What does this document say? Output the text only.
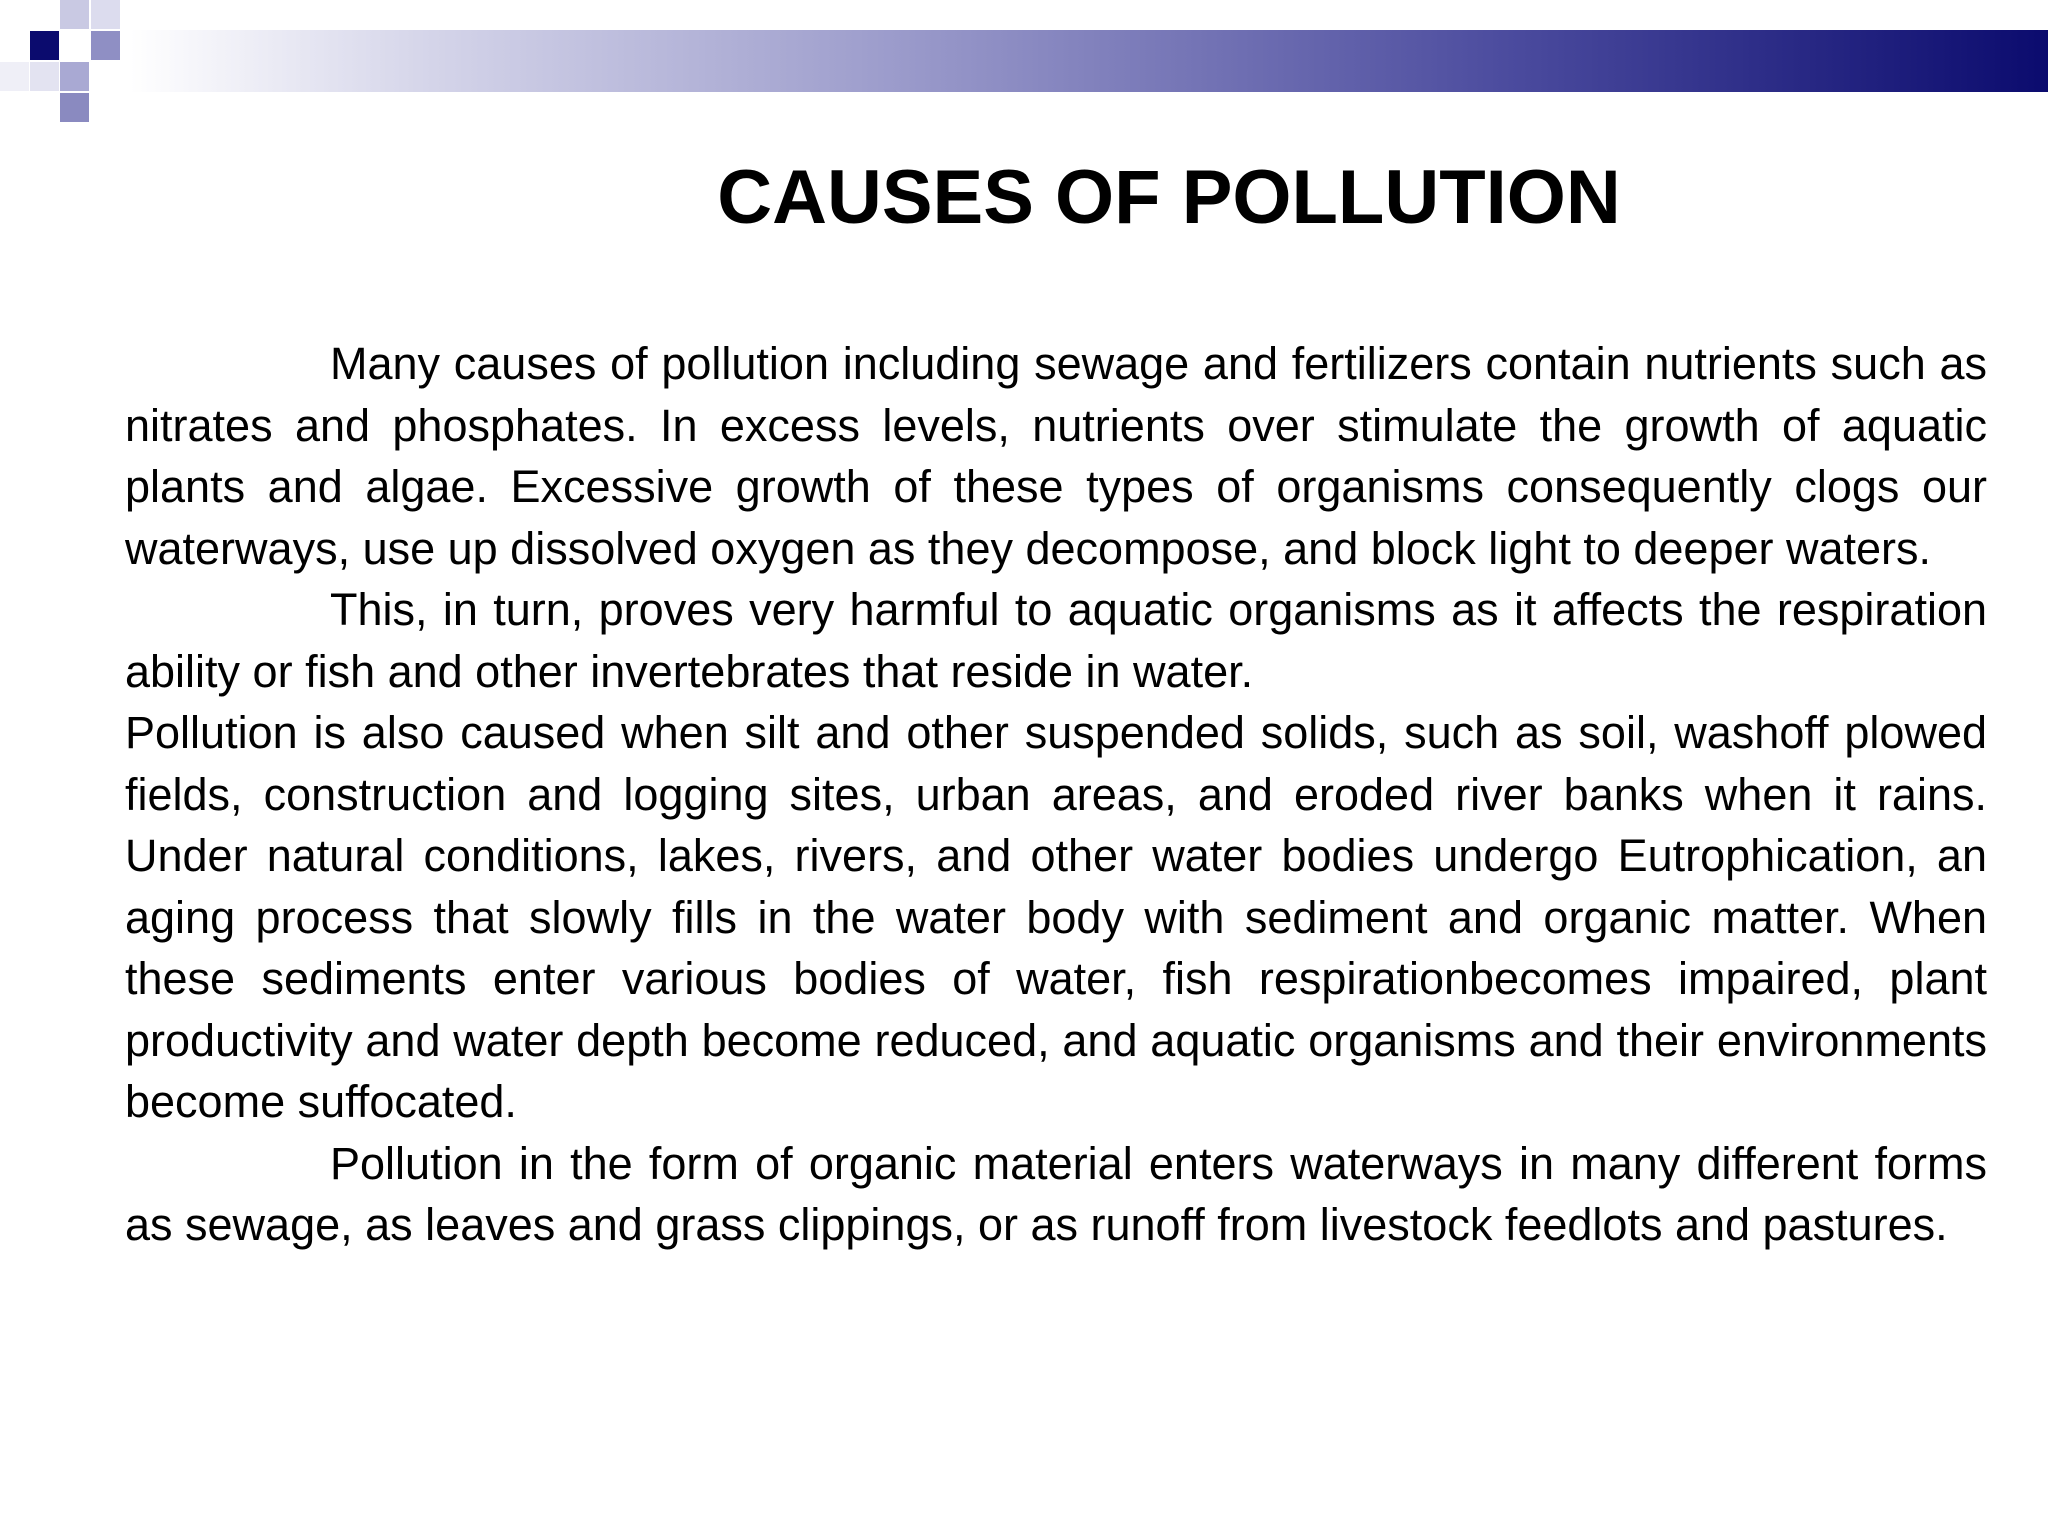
CAUSES OF POLLUTION

Many causes of pollution including sewage and fertilizers contain nutrients such as nitrates and phosphates. In excess levels, nutrients over stimulate the growth of aquatic plants and algae. Excessive growth of these types of organisms consequently clogs our waterways, use up dissolved oxygen as they decompose, and block light to deeper waters.

This, in turn, proves very harmful to aquatic organisms as it affects the respiration ability or fish and other invertebrates that reside in water.

Pollution is also caused when silt and other suspended solids, such as soil, washoff plowed fields, construction and logging sites, urban areas, and eroded river banks when it rains. Under natural conditions, lakes, rivers, and other water bodies undergo Eutrophication, an aging process that slowly fills in the water body with sediment and organic matter. When these sediments enter various bodies of water, fish respirationbecomes impaired, plant productivity and water depth become reduced, and aquatic organisms and their environments become suffocated.

Pollution in the form of organic material enters waterways in many different forms as sewage, as leaves and grass clippings, or as runoff from livestock feedlots and pastures.
